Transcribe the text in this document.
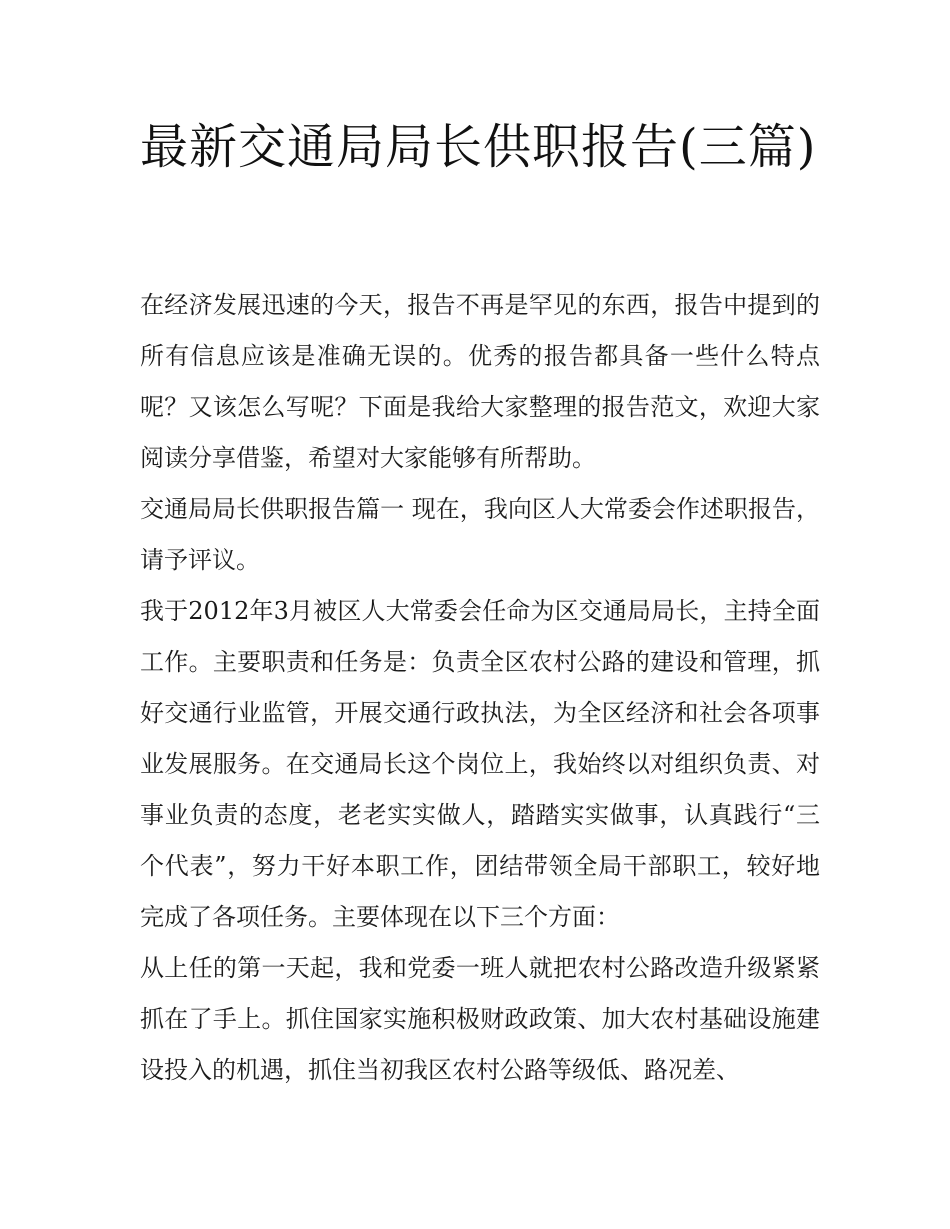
最新交通局局长供职报告(三篇)

在经济发展迅速的今天，报告不再是罕见的东西，报告中提到的所有信息应该是准确无误的。优秀的报告都具备一些什么特点呢？又该怎么写呢？下面是我给大家整理的报告范文，欢迎大家阅读分享借鉴，希望对大家能够有所帮助。

交通局局长供职报告篇一 现在，我向区人大常委会作述职报告，请予评议。

我于2012年3月被区人大常委会任命为区交通局局长，主持全面工作。主要职责和任务是：负责全区农村公路的建设和管理，抓好交通行业监管，开展交通行政执法，为全区经济和社会各项事业发展服务。在交通局长这个岗位上，我始终以对组织负责、对事业负责的态度，老老实实做人，踏踏实实做事，认真践行“三个代表”，努力干好本职工作，团结带领全局干部职工，较好地完成了各项任务。主要体现在以下三个方面：

从上任的第一天起，我和党委一班人就把农村公路改造升级紧紧抓在了手上。抓住国家实施积极财政政策、加大农村基础设施建设投入的机遇，抓住当初我区农村公路等级低、路况差、
